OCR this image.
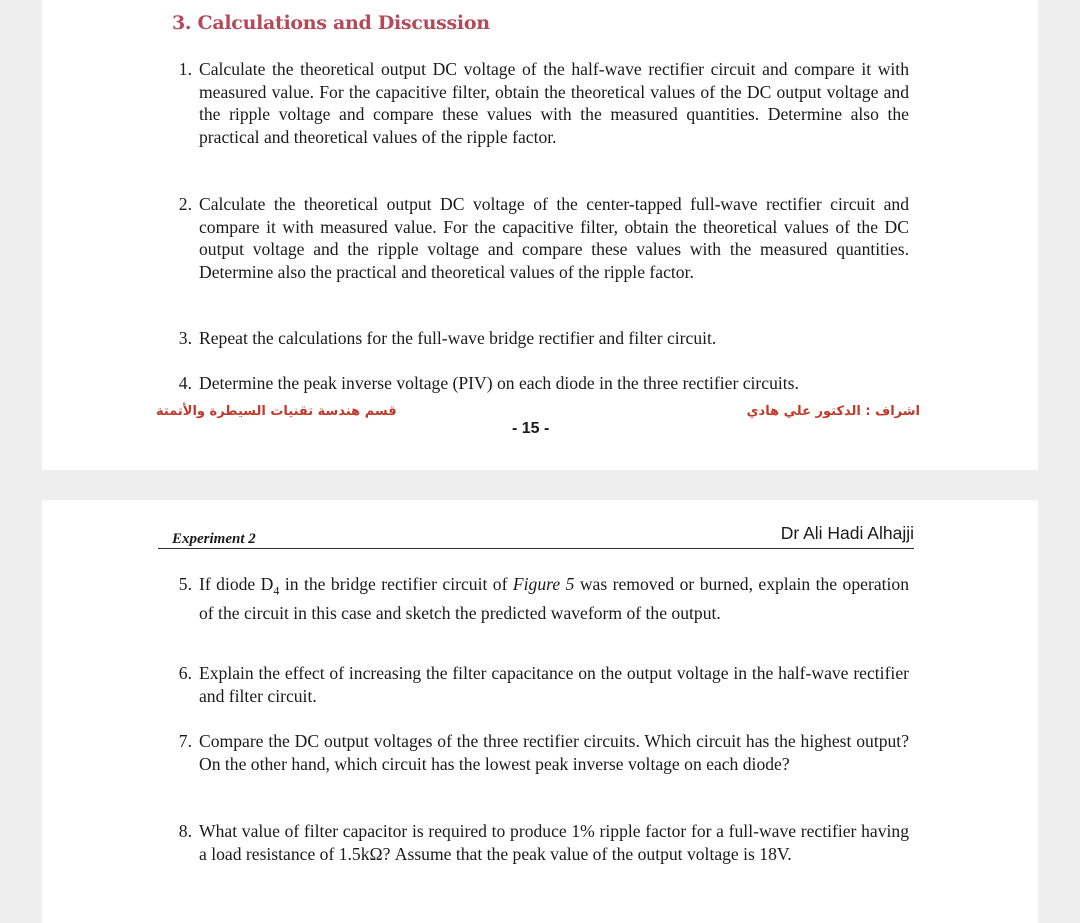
3. Calculations and Discussion
1. Calculate the theoretical output DC voltage of the half-wave rectifier circuit and compare it with measured value. For the capacitive filter, obtain the theoretical values of the DC output voltage and the ripple voltage and compare these values with the measured quantities. Determine also the practical and theoretical values of the ripple factor.
2. Calculate the theoretical output DC voltage of the center-tapped full-wave rectifier circuit and compare it with measured value. For the capacitive filter, obtain the theoretical values of the DC output voltage and the ripple voltage and compare these values with the measured quantities. Determine also the practical and theoretical values of the ripple factor.
3. Repeat the calculations for the full-wave bridge rectifier and filter circuit.
4. Determine the peak inverse voltage (PIV) on each diode in the three rectifier circuits.
قسم هندسة تقنيات السيطرة والأتمتة
- 15 -
اشراف : الدكتور علي هادي
Experiment 2	Dr Ali Hadi Alhajji
5. If diode $D_4$ in the bridge rectifier circuit of Figure 5 was removed or burned, explain the operation of the circuit in this case and sketch the predicted waveform of the output.
6. Explain the effect of increasing the filter capacitance on the output voltage in the half-wave rectifier and filter circuit.
7. Compare the DC output voltages of the three rectifier circuits. Which circuit has the highest output? On the other hand, which circuit has the lowest peak inverse voltage on each diode?
8. What value of filter capacitor is required to produce 1% ripple factor for a full-wave rectifier having a load resistance of 1.5kΩ? Assume that the peak value of the output voltage is 18V.
